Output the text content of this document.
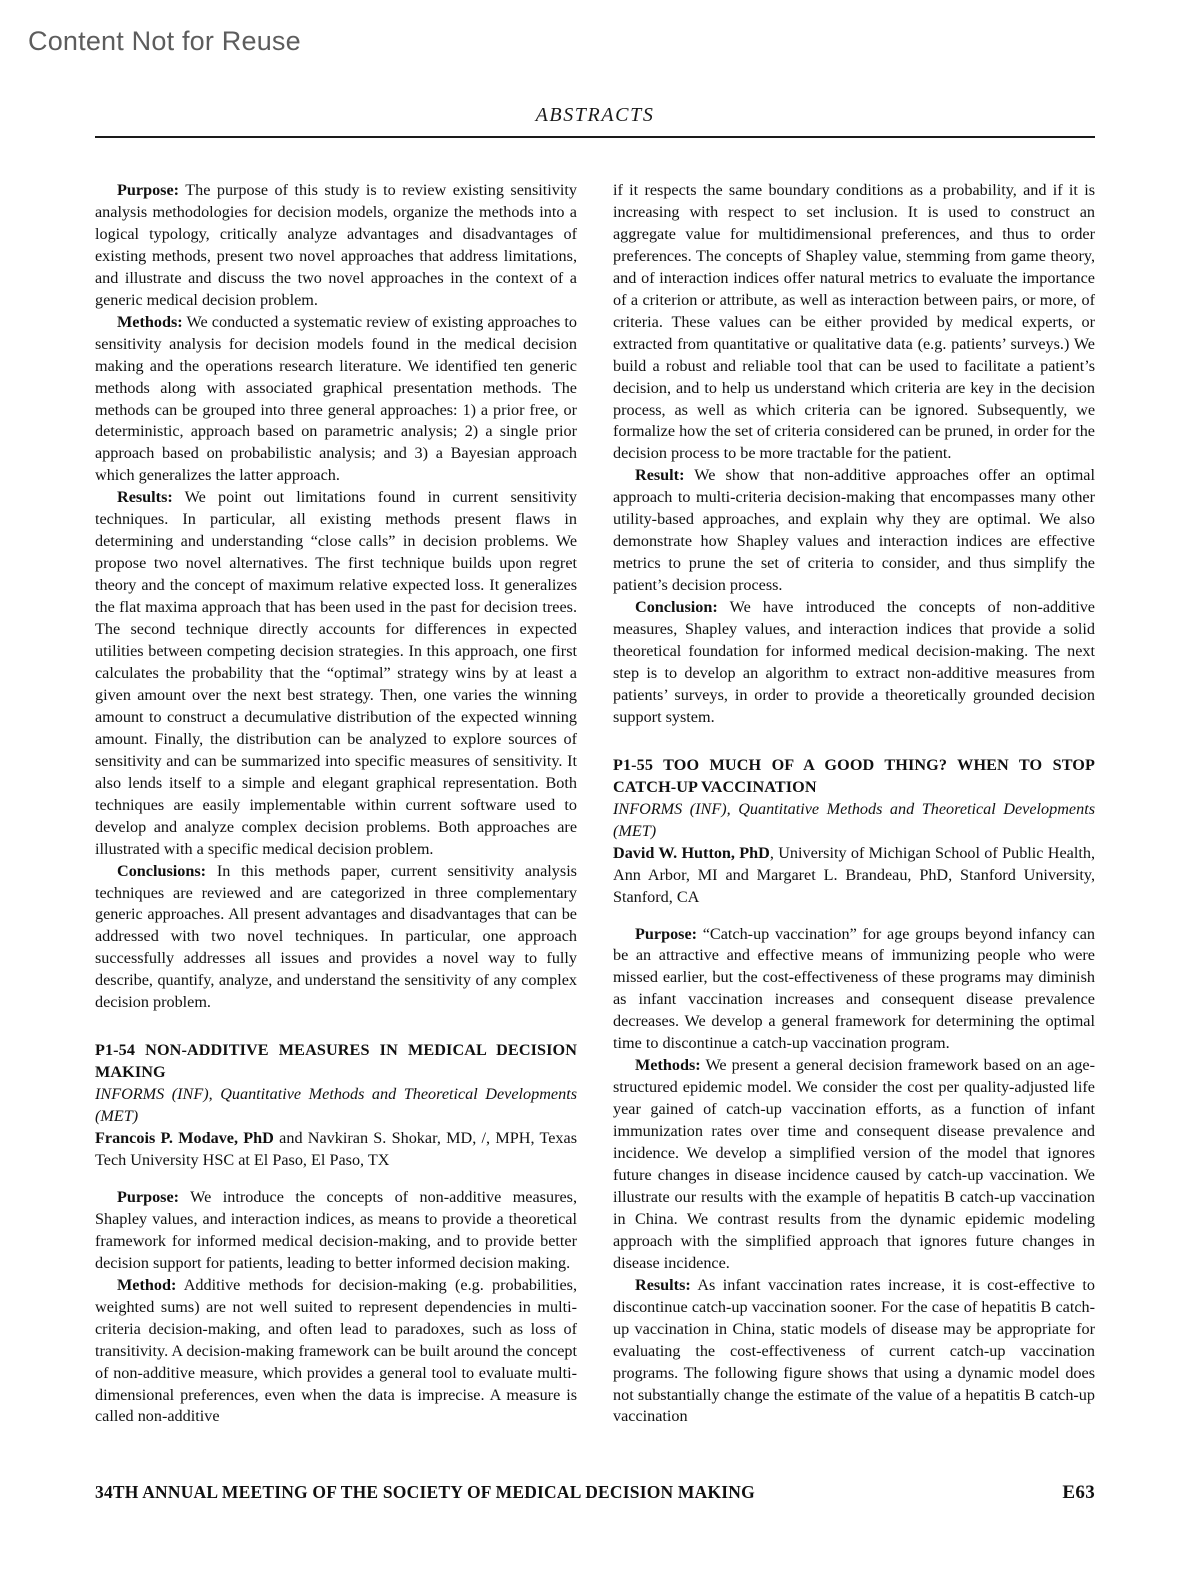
Content Not for Reuse
ABSTRACTS

Purpose: The purpose of this study is to review existing sensitivity analysis methodologies for decision models, organize the methods into a logical typology, critically analyze advantages and disadvantages of existing methods, present two novel approaches that address limitations, and illustrate and discuss the two novel approaches in the context of a generic medical decision problem.

Methods: We conducted a systematic review of existing approaches to sensitivity analysis for decision models found in the medical decision making and the operations research literature. We identified ten generic methods along with associated graphical presentation methods. The methods can be grouped into three general approaches: 1) a prior free, or deterministic, approach based on parametric analysis; 2) a single prior approach based on probabilistic analysis; and 3) a Bayesian approach which generalizes the latter approach.

Results: We point out limitations found in current sensitivity techniques. In particular, all existing methods present flaws in determining and understanding “close calls” in decision problems. We propose two novel alternatives. The first technique builds upon regret theory and the concept of maximum relative expected loss. It generalizes the flat maxima approach that has been used in the past for decision trees. The second technique directly accounts for differences in expected utilities between competing decision strategies. In this approach, one first calculates the probability that the “optimal” strategy wins by at least a given amount over the next best strategy. Then, one varies the winning amount to construct a decumulative distribution of the expected winning amount. Finally, the distribution can be analyzed to explore sources of sensitivity and can be summarized into specific measures of sensitivity. It also lends itself to a simple and elegant graphical representation. Both techniques are easily implementable within current software used to develop and analyze complex decision problems. Both approaches are illustrated with a specific medical decision problem.

Conclusions: In this methods paper, current sensitivity analysis techniques are reviewed and are categorized in three complementary generic approaches. All present advantages and disadvantages that can be addressed with two novel techniques. In particular, one approach successfully addresses all issues and provides a novel way to fully describe, quantify, analyze, and understand the sensitivity of any complex decision problem.

P1-54 NON-ADDITIVE MEASURES IN MEDICAL DECISION MAKING

INFORMS (INF), Quantitative Methods and Theoretical Developments (MET)

Francois P. Modave, PhD and Navkiran S. Shokar, MD, /, MPH, Texas Tech University HSC at El Paso, El Paso, TX

Purpose: We introduce the concepts of non-additive measures, Shapley values, and interaction indices, as means to provide a theoretical framework for informed medical decision-making, and to provide better decision support for patients, leading to better informed decision making.

Method: Additive methods for decision-making (e.g. probabilities, weighted sums) are not well suited to represent dependencies in multi-criteria decision-making, and often lead to paradoxes, such as loss of transitivity. A decision-making framework can be built around the concept of non-additive measure, which provides a general tool to evaluate multi-dimensional preferences, even when the data is imprecise. A measure is called non-additive

if it respects the same boundary conditions as a probability, and if it is increasing with respect to set inclusion. It is used to construct an aggregate value for multidimensional preferences, and thus to order preferences. The concepts of Shapley value, stemming from game theory, and of interaction indices offer natural metrics to evaluate the importance of a criterion or attribute, as well as interaction between pairs, or more, of criteria. These values can be either provided by medical experts, or extracted from quantitative or qualitative data (e.g. patients’ surveys.) We build a robust and reliable tool that can be used to facilitate a patient’s decision, and to help us understand which criteria are key in the decision process, as well as which criteria can be ignored. Subsequently, we formalize how the set of criteria considered can be pruned, in order for the decision process to be more tractable for the patient.

Result: We show that non-additive approaches offer an optimal approach to multi-criteria decision-making that encompasses many other utility-based approaches, and explain why they are optimal. We also demonstrate how Shapley values and interaction indices are effective metrics to prune the set of criteria to consider, and thus simplify the patient’s decision process.

Conclusion: We have introduced the concepts of non-additive measures, Shapley values, and interaction indices that provide a solid theoretical foundation for informed medical decision-making. The next step is to develop an algorithm to extract non-additive measures from patients’ surveys, in order to provide a theoretically grounded decision support system.

P1-55 TOO MUCH OF A GOOD THING? WHEN TO STOP CATCH-UP VACCINATION

INFORMS (INF), Quantitative Methods and Theoretical Developments (MET)

David W. Hutton, PhD, University of Michigan School of Public Health, Ann Arbor, MI and Margaret L. Brandeau, PhD, Stanford University, Stanford, CA

Purpose: “Catch-up vaccination” for age groups beyond infancy can be an attractive and effective means of immunizing people who were missed earlier, but the cost-effectiveness of these programs may diminish as infant vaccination increases and consequent disease prevalence decreases. We develop a general framework for determining the optimal time to discontinue a catch-up vaccination program.

Methods: We present a general decision framework based on an age-structured epidemic model. We consider the cost per quality-adjusted life year gained of catch-up vaccination efforts, as a function of infant immunization rates over time and consequent disease prevalence and incidence. We develop a simplified version of the model that ignores future changes in disease incidence caused by catch-up vaccination. We illustrate our results with the example of hepatitis B catch-up vaccination in China. We contrast results from the dynamic epidemic modeling approach with the simplified approach that ignores future changes in disease incidence.

Results: As infant vaccination rates increase, it is cost-effective to discontinue catch-up vaccination sooner. For the case of hepatitis B catch-up vaccination in China, static models of disease may be appropriate for evaluating the cost-effectiveness of current catch-up vaccination programs. The following figure shows that using a dynamic model does not substantially change the estimate of the value of a hepatitis B catch-up vaccination

34TH ANNUAL MEETING OF THE SOCIETY OF MEDICAL DECISION MAKING	E63
